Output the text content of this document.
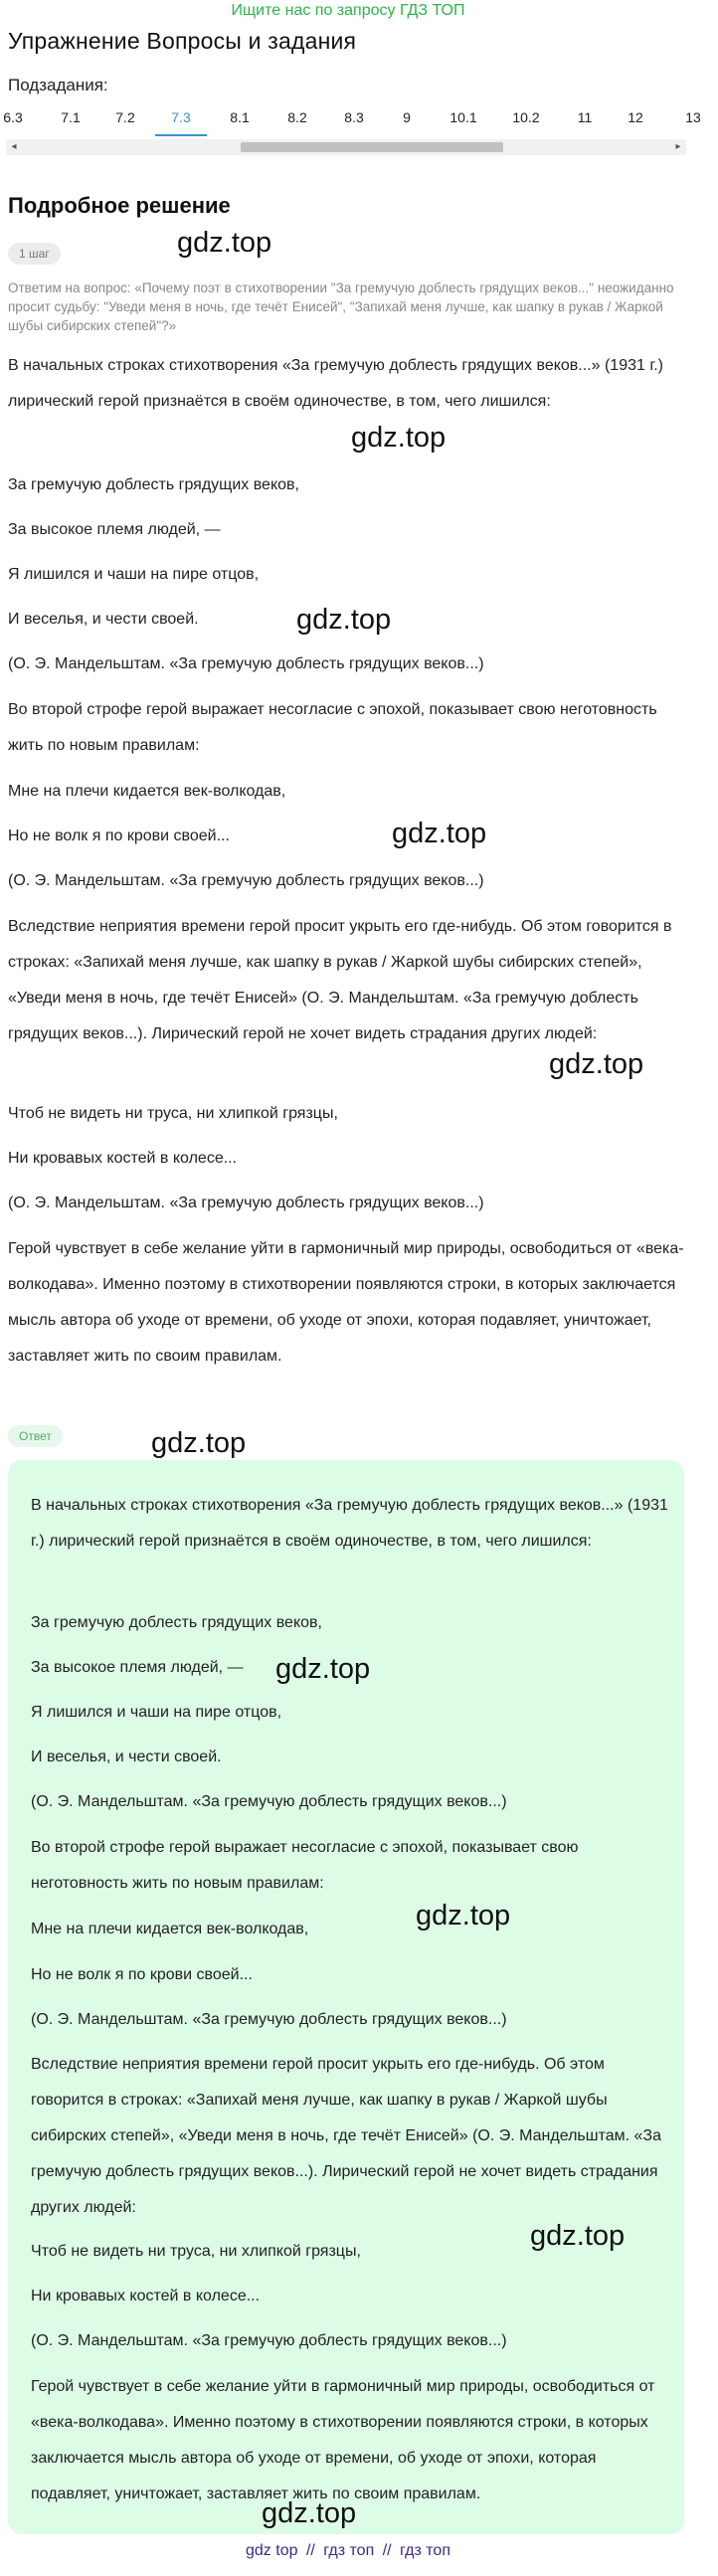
Ищите нас по запросу ГДЗ ТОП
Упражнение Вопросы и задания
Подзадания:
6.3	7.1	7.2	7.3	8.1	8.2	8.3	9	10.1	10.2	11	12	13
◂	▸
Подробное решение
1 шаг	gdz.top
Ответим на вопрос: «Почему поэт в стихотворении "За гремучую доблесть грядущих веков..." неожиданно просит судьбу: "Уведи меня в ночь, где течёт Енисей", "Запихай меня лучше, как шапку в рукав / Жаркой шубы сибирских степей"?»
В начальных строках стихотворения «За гремучую доблесть грядущих веков...» (1931 г.) лирический герой признаётся в своём одиночестве, в том, чего лишился:
gdz.top
За гремучую доблесть грядущих веков,
За высокое племя людей, —
Я лишился и чаши на пире отцов,
И веселья, и чести своей.	gdz.top
(О. Э. Мандельштам. «За гремучую доблесть грядущих веков...)
Во второй строфе герой выражает несогласие с эпохой, показывает свою неготовность жить по новым правилам:
Мне на плечи кидается век-волкодав,
Но не волк я по крови своей...	gdz.top
(О. Э. Мандельштам. «За гремучую доблесть грядущих веков...)
Вследствие неприятия времени герой просит укрыть его где-нибудь. Об этом говорится в строках: «Запихай меня лучше, как шапку в рукав / Жаркой шубы сибирских степей», «Уведи меня в ночь, где течёт Енисей» (О. Э. Мандельштам. «За гремучую доблесть грядущих веков...). Лирический герой не хочет видеть страдания других людей:
gdz.top
Чтоб не видеть ни труса, ни хлипкой грязцы,
Ни кровавых костей в колесе...
(О. Э. Мандельштам. «За гремучую доблесть грядущих веков...)
Герой чувствует в себе желание уйти в гармоничный мир природы, освободиться от «века-волкодава». Именно поэтому в стихотворении появляются строки, в которых заключается мысль автора об уходе от времени, об уходе от эпохи, которая подавляет, уничтожает, заставляет жить по своим правилам.
Ответ	gdz.top
В начальных строках стихотворения «За гремучую доблесть грядущих веков...» (1931 г.) лирический герой признаётся в своём одиночестве, в том, чего лишился:
За гремучую доблесть грядущих веков,
За высокое племя людей, —	gdz.top
Я лишился и чаши на пире отцов,
И веселья, и чести своей.
(О. Э. Мандельштам. «За гремучую доблесть грядущих веков...)
Во второй строфе герой выражает несогласие с эпохой, показывает свою неготовность жить по новым правилам:
Мне на плечи кидается век-волкодав,	gdz.top
Но не волк я по крови своей...
(О. Э. Мандельштам. «За гремучую доблесть грядущих веков...)
Вследствие неприятия времени герой просит укрыть его где-нибудь. Об этом говорится в строках: «Запихай меня лучше, как шапку в рукав / Жаркой шубы сибирских степей», «Уведи меня в ночь, где течёт Енисей» (О. Э. Мандельштам. «За гремучую доблесть грядущих веков...). Лирический герой не хочет видеть страдания других людей:
gdz.top
Чтоб не видеть ни труса, ни хлипкой грязцы,
Ни кровавых костей в колесе...
(О. Э. Мандельштам. «За гремучую доблесть грядущих веков...)
Герой чувствует в себе желание уйти в гармоничный мир природы, освободиться от «века-волкодава». Именно поэтому в стихотворении появляются строки, в которых заключается мысль автора об уходе от времени, об уходе от эпохи, которая подавляет, уничтожает, заставляет жить по своим правилам.
gdz.top
gdz top // гдз топ // гдз топ
